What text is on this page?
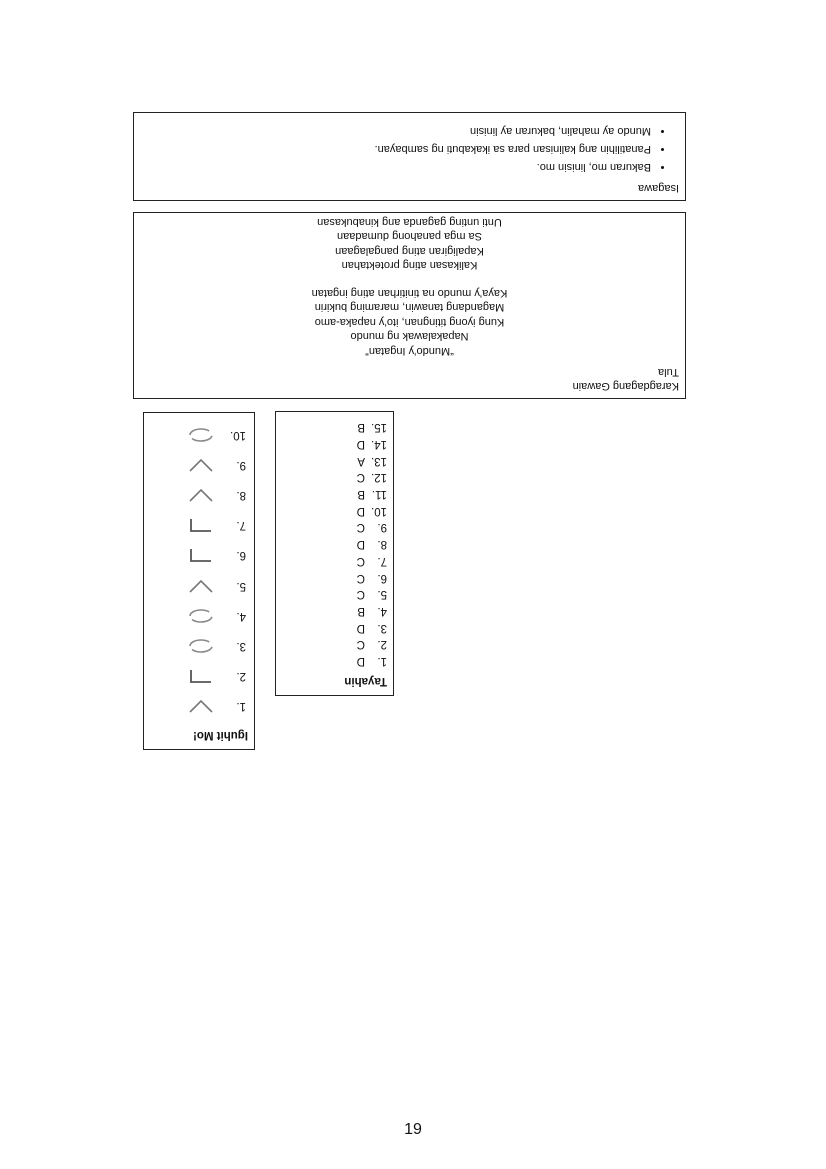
Isagawa
• Bakuran mo, linisin mo.
• Panatilihin ang kalinisan para sa ikakabuti ng sambayan.
• Mundo ay mahalin, bakuran ay linisin
Karagdagang Gawain
Tula
“Mundo’y Ingatan”
Napakalawak ng mundo
Kung iyong titingnan, ito’y napaka-amo
Magandang tanawin, maraming bukirin
Kaya’y mundo na tinitirhan ating ingatan
Kalikasan ating protektahan
Kapaligiran ating pangalagaan
Sa mga panahong dumadaan
Unti unting gaganda ang kinabukasan
Tayahin
1.D
2.C
3.D
4.B
5.C
6.C
7.C
8.D
9.C
10.D
11.B
12.C
13.A
14.D
15.B
Iguhit Mo!
1.
2.
3.
4.
5.
6.
7.
8.
9.
10.
19
